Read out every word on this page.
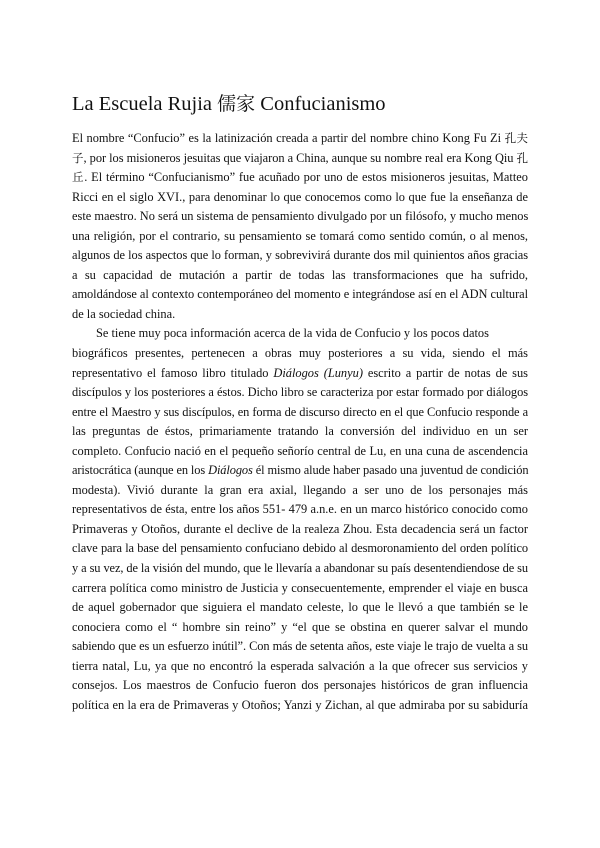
La Escuela Rujia 儒家 Confucianismo
El nombre “Confucio” es la latinización creada a partir del nombre chino Kong Fu Zi 孔夫
子, por los misioneros jesuitas que viajaron a China, aunque su nombre real era Kong Qiu 孔
丘. El término “Confucianismo” fue acuñado por uno de estos misioneros jesuitas, Matteo
Ricci en el siglo XVI., para denominar lo que conocemos como lo que fue la enseñanza de
este maestro. No será un sistema de pensamiento divulgado por un filósofo, y mucho menos
una religión, por el contrario, su pensamiento se tomará como sentido común, o al menos,
algunos de los aspectos que lo forman, y sobrevivirá durante dos mil quinientos años gracias
a su capacidad de mutación a partir de todas las transformaciones que ha sufrido,
amoldándose al contexto contemporáneo del momento e integrándose así en el ADN cultural
de la sociedad china.
Se tiene muy poca información acerca de la vida de Confucio y los pocos datos
biográficos presentes, pertenecen a obras muy posteriores a su vida, siendo el más
representativo el famoso libro titulado Diálogos (Lunyu) escrito a partir de notas de sus
discípulos y los posteriores a éstos. Dicho libro se caracteriza por estar formado por diálogos
entre el Maestro y sus discípulos, en forma de discurso directo en el que Confucio responde a
las preguntas de éstos, primariamente tratando la conversión del individuo en un ser
completo. Confucio nació en el pequeño señorío central de Lu, en una cuna de ascendencia
aristocrática (aunque en los Diálogos él mismo alude haber pasado una juventud de condición
modesta). Vivió durante la gran era axial, llegando a ser uno de los personajes más
representativos de ésta, entre los años 551- 479 a.n.e. en un marco histórico conocido como
Primaveras y Otoños, durante el declive de la realeza Zhou. Esta decadencia será un factor
clave para la base del pensamiento confuciano debido al desmoronamiento del orden político
y a su vez, de la visión del mundo, que le llevaría a abandonar su país desentendiendose de su
carrera política como ministro de Justicia y consecuentemente, emprender el viaje en busca
de aquel gobernador que siguiera el mandato celeste, lo que le llevó a que también se le
conociera como el “ hombre sin reino” y “el que se obstina en querer salvar el mundo
sabiendo que es un esfuerzo inútil”. Con más de setenta años, este viaje le trajo de vuelta a su
tierra natal, Lu, ya que no encontró la esperada salvación a la que ofrecer sus servicios y
consejos. Los maestros de Confucio fueron dos personajes históricos de gran influencia
política en la era de Primaveras y Otoños; Yanzi y Zichan, al que admiraba por su sabiduría
